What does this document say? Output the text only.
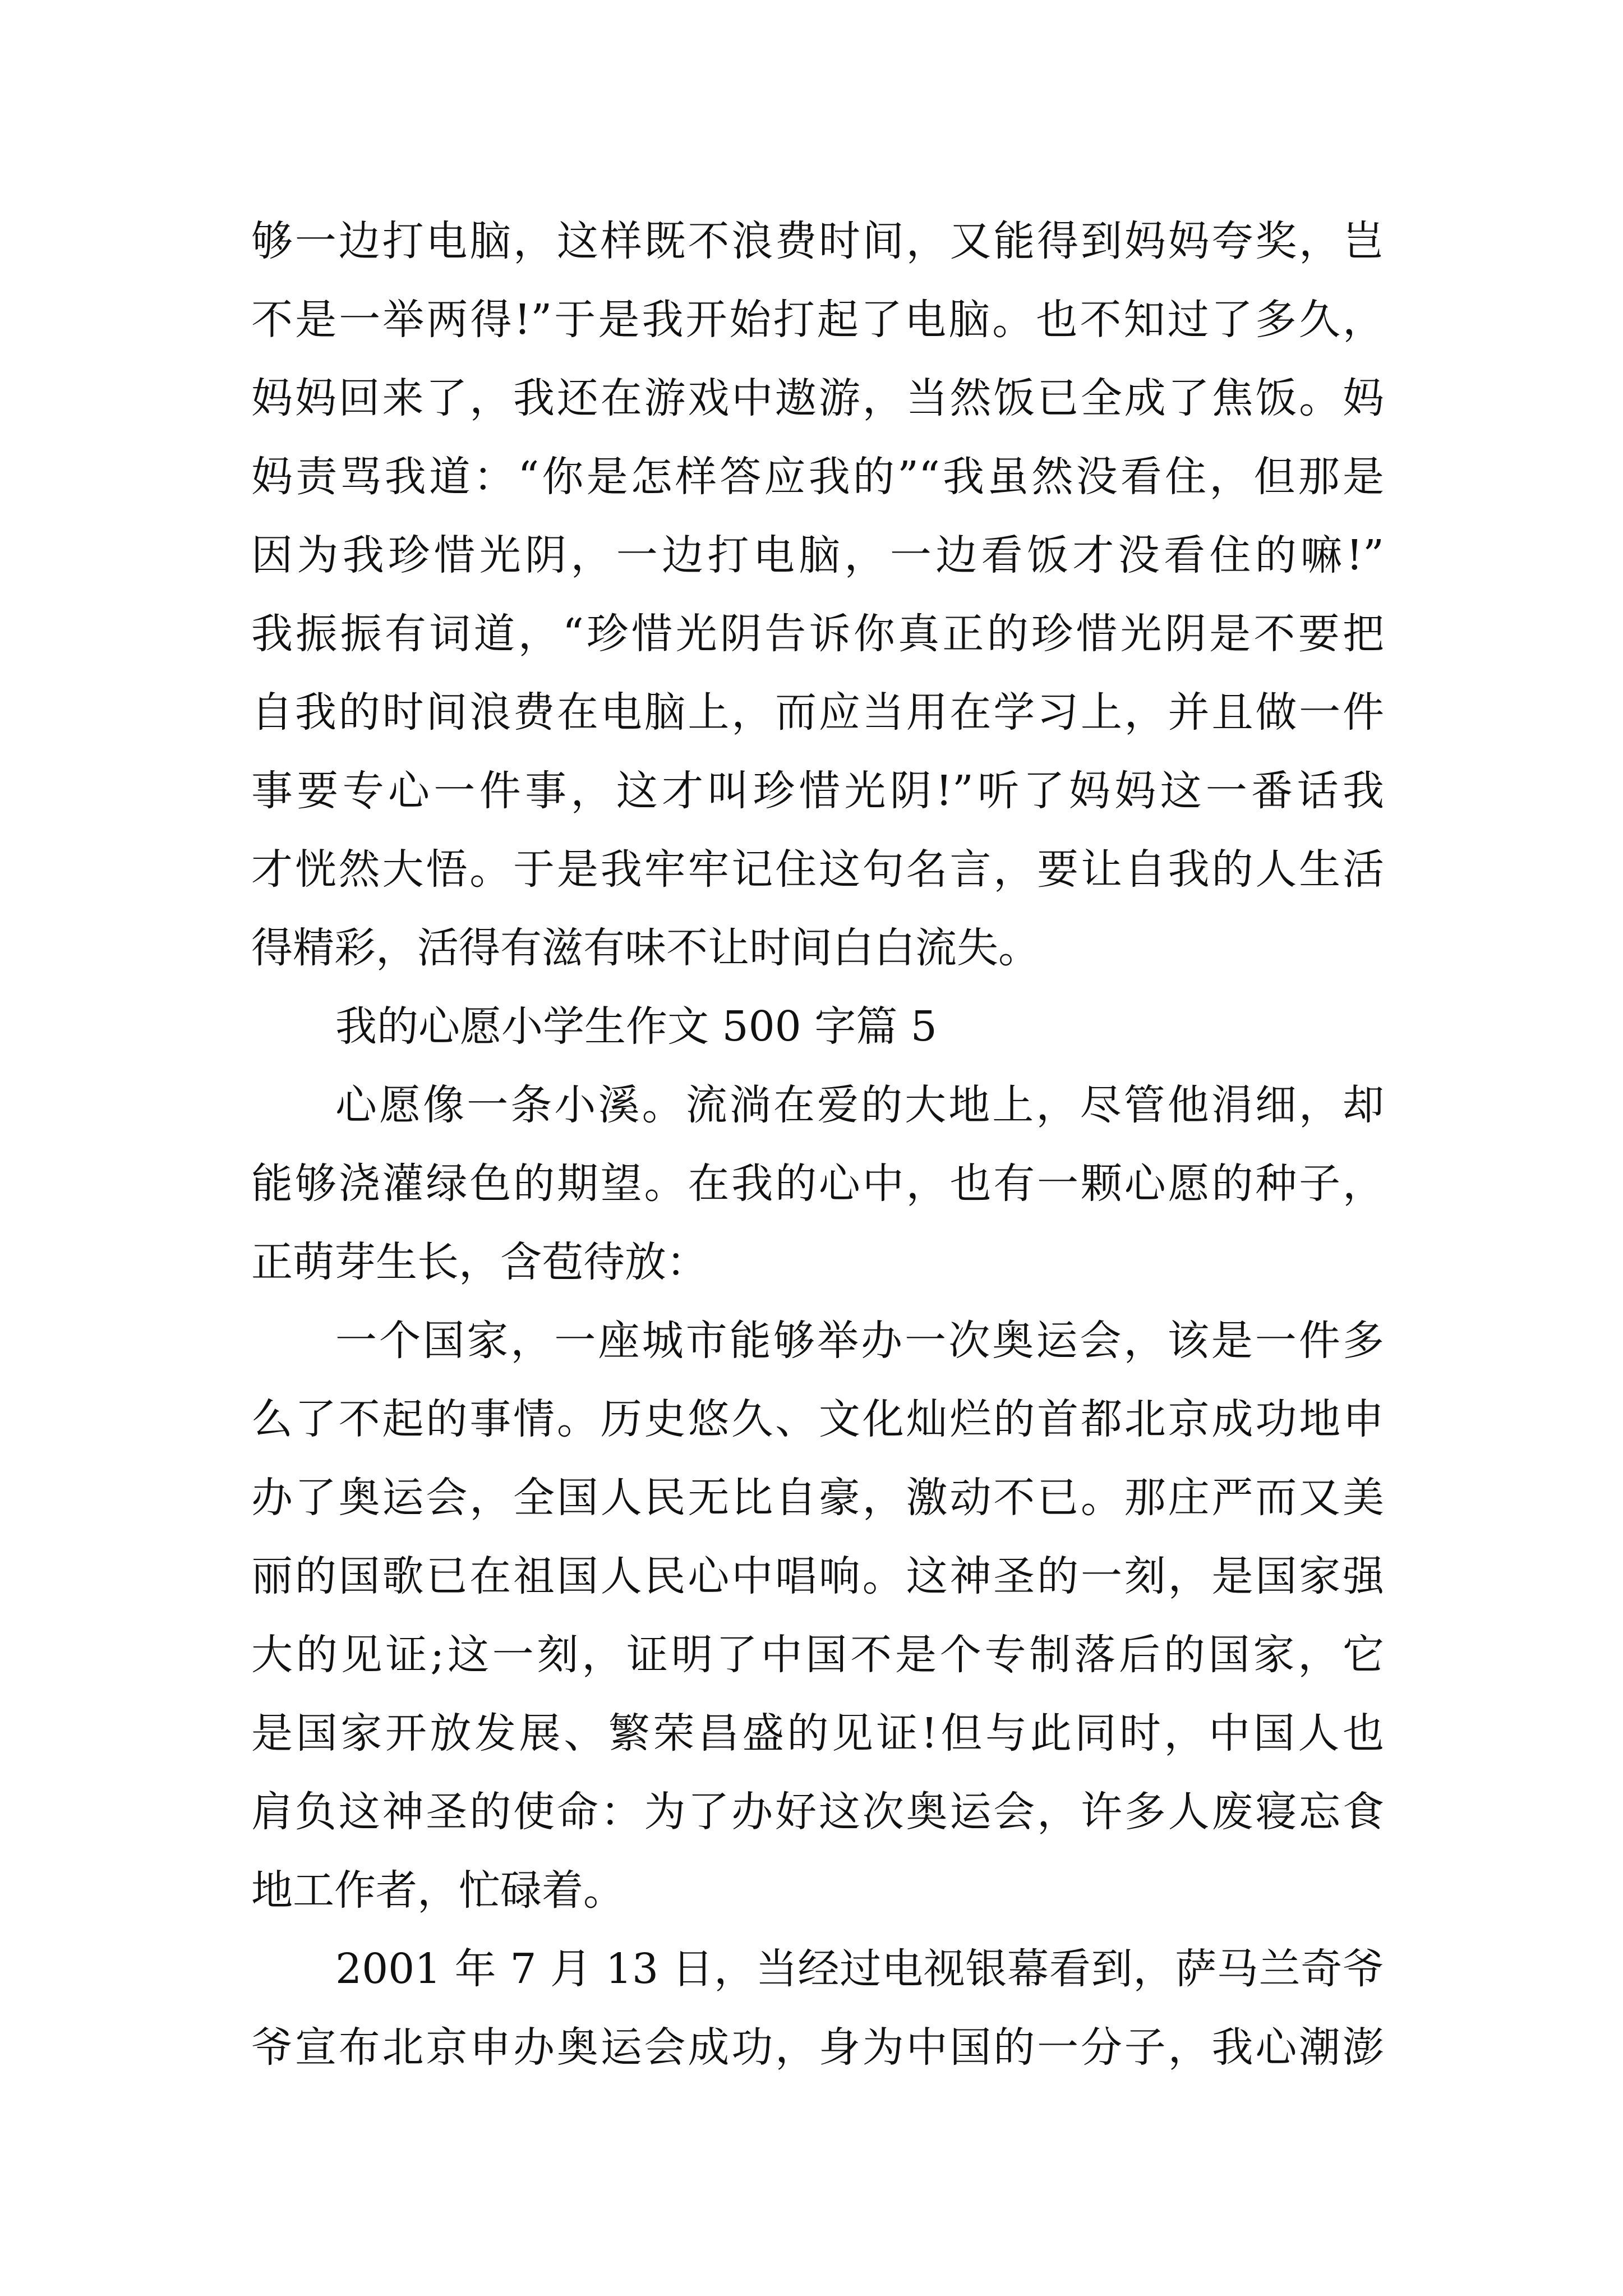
够一边打电脑，这样既不浪费时间，又能得到妈妈夸奖，岂
不是一举两得!”于是我开始打起了电脑。也不知过了多久，
妈妈回来了，我还在游戏中遨游，当然饭已全成了焦饭。妈
妈责骂我道：“你是怎样答应我的”“我虽然没看住，但那是
因为我珍惜光阴，一边打电脑，一边看饭才没看住的嘛!”
我振振有词道，“珍惜光阴告诉你真正的珍惜光阴是不要把
自我的时间浪费在电脑上，而应当用在学习上，并且做一件
事要专心一件事，这才叫珍惜光阴!”听了妈妈这一番话我
才恍然大悟。于是我牢牢记住这句名言，要让自我的人生活
得精彩，活得有滋有味不让时间白白流失。
我的心愿小学生作文 500 字篇 5
心愿像一条小溪。流淌在爱的大地上，尽管他涓细，却
能够浇灌绿色的期望。在我的心中，也有一颗心愿的种子，
正萌芽生长，含苞待放：
一个国家，一座城市能够举办一次奥运会，该是一件多
么了不起的事情。历史悠久、文化灿烂的首都北京成功地申
办了奥运会，全国人民无比自豪，激动不已。那庄严而又美
丽的国歌已在祖国人民心中唱响。这神圣的一刻，是国家强
大的见证;这一刻，证明了中国不是个专制落后的国家，它
是国家开放发展、繁荣昌盛的见证!但与此同时，中国人也
肩负这神圣的使命：为了办好这次奥运会，许多人废寝忘食
地工作者，忙碌着。
2001 年 7 月 13 日，当经过电视银幕看到，萨马兰奇爷
爷宣布北京申办奥运会成功，身为中国的一分子，我心潮澎
